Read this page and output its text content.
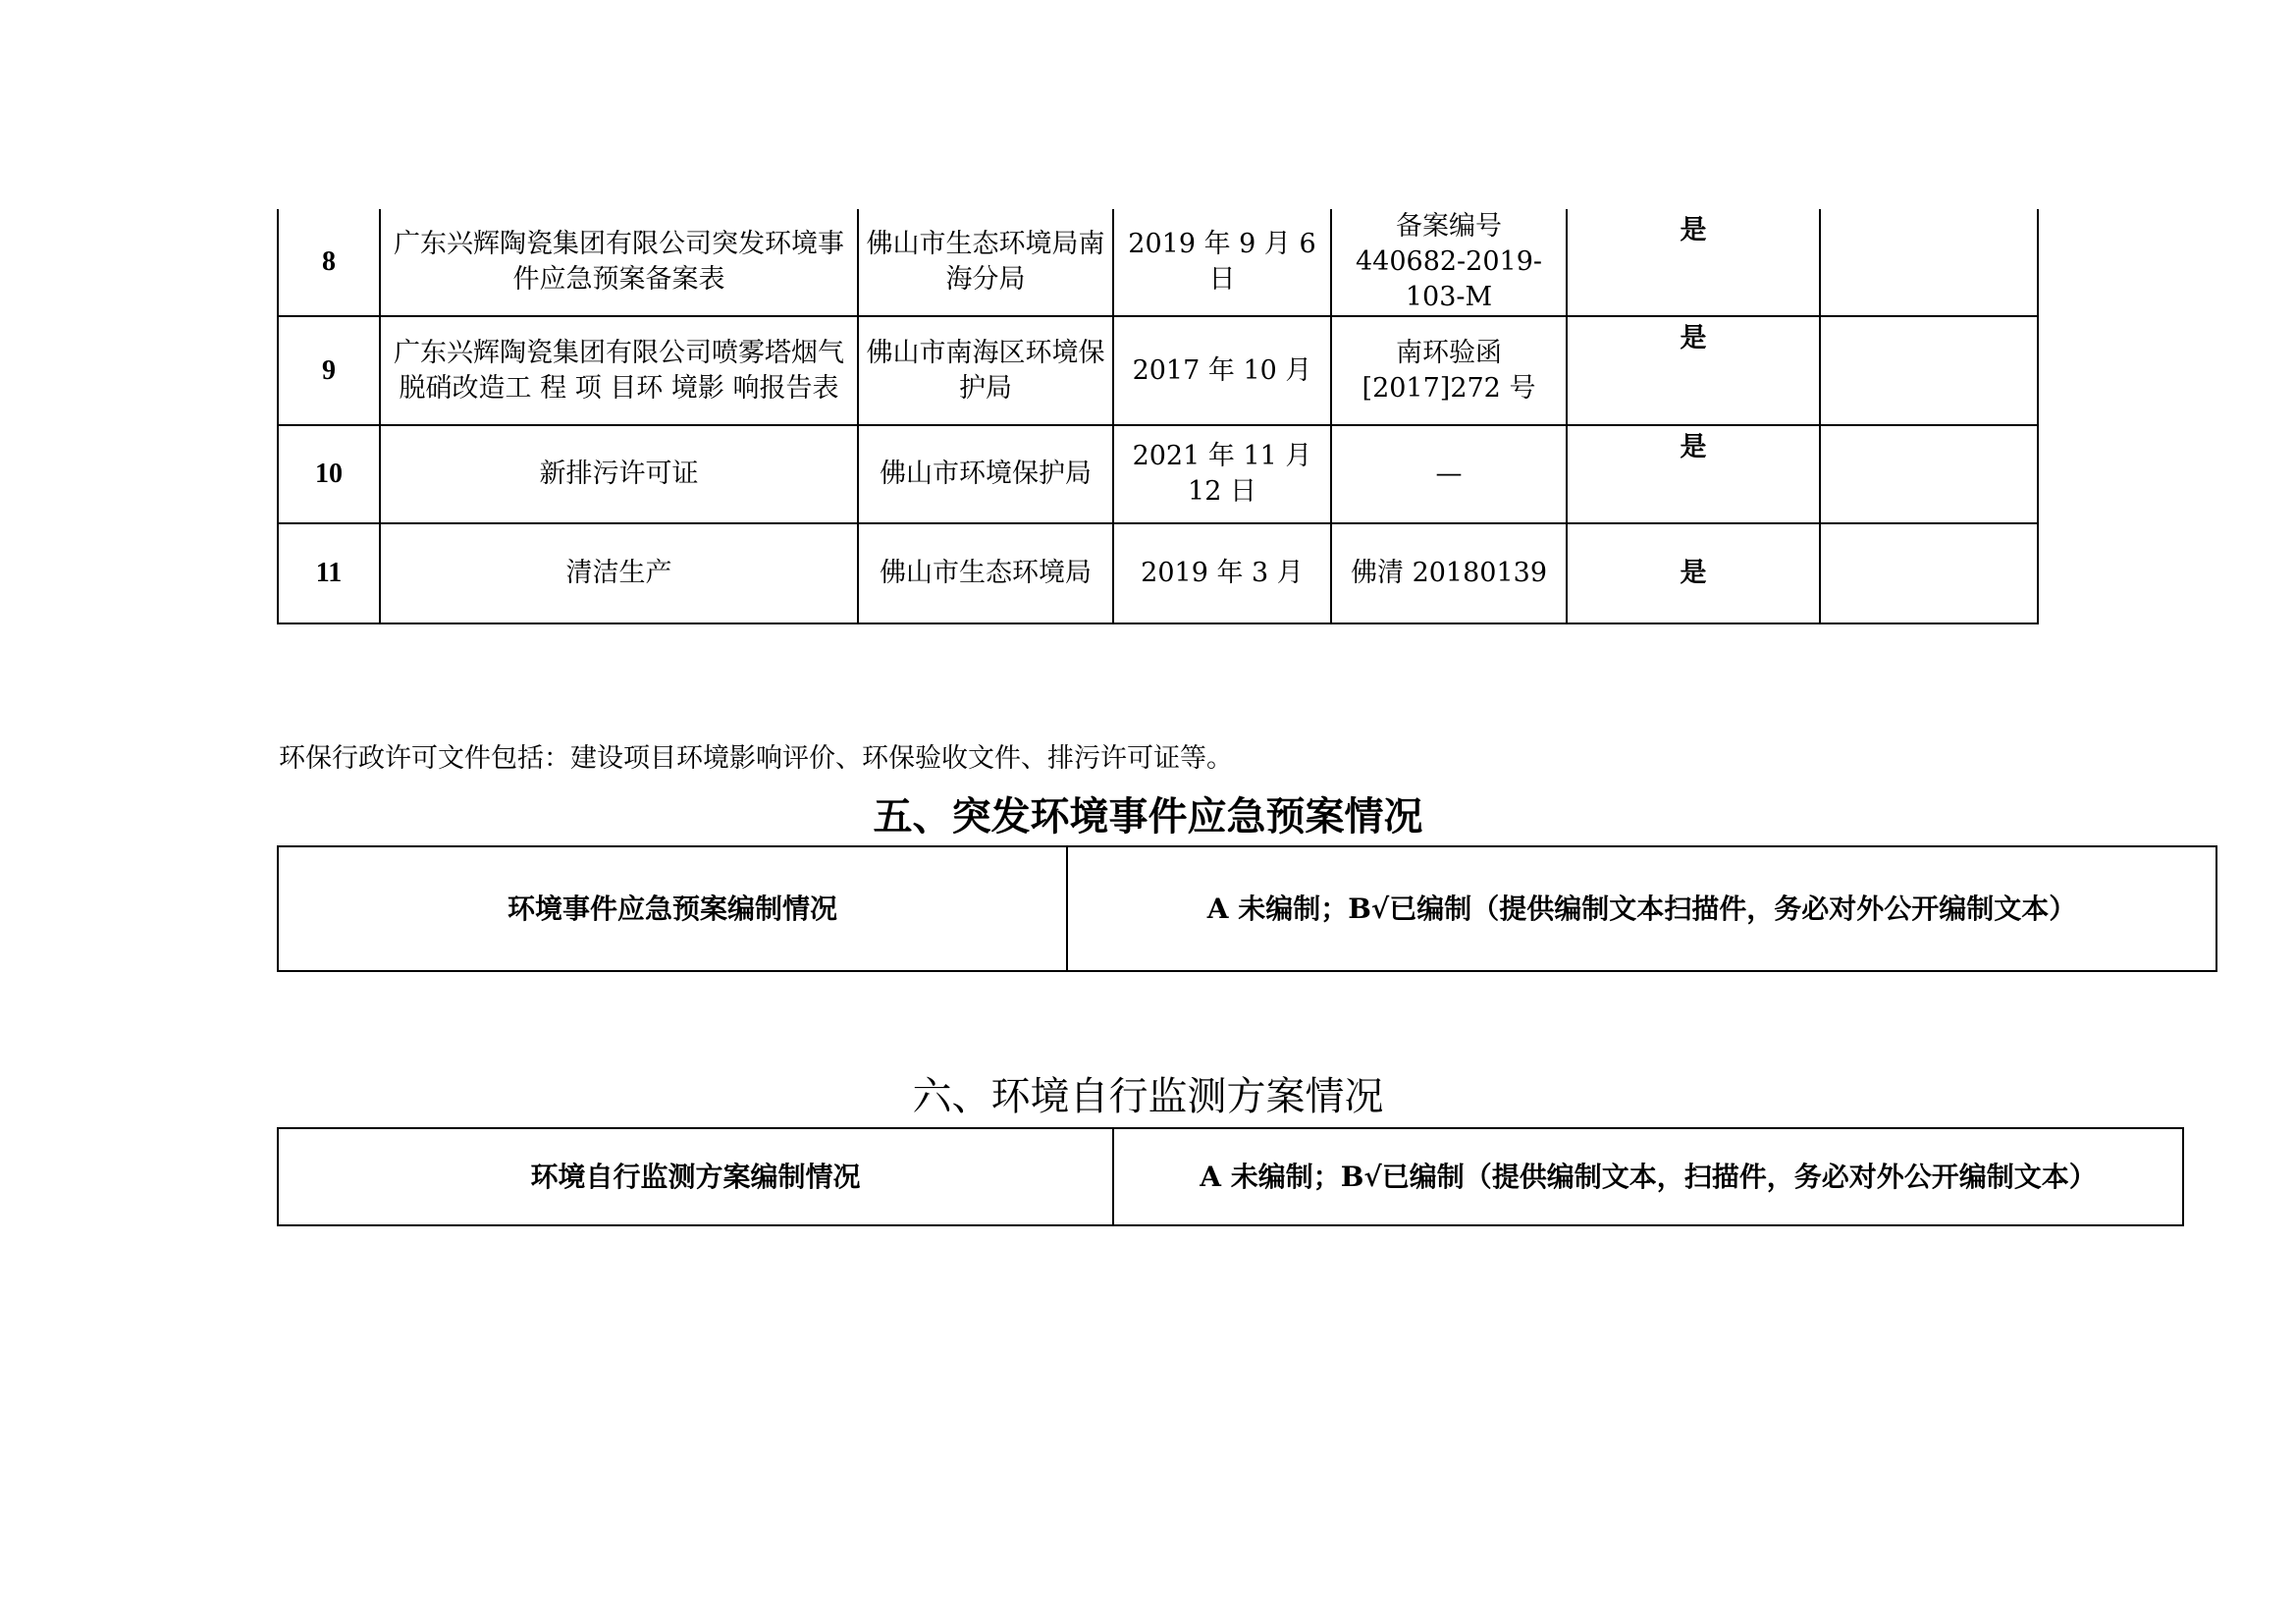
8	广东兴辉陶瓷集团有限公司突发环境事件应急预案备案表	佛山市生态环境局南海分局	2019 年 9 月 6 日	备案编号 440682-2019-103-M	是	
9	广东兴辉陶瓷集团有限公司喷雾塔烟气脱硝改造工 程 项 目环 境影 响报告表	佛山市南海区环境保护局	2017 年 10 月	南环验函 [2017]272 号	是	
10	新排污许可证	佛山市环境保护局	2021 年 11 月 12 日	—	是	
11	清洁生产	佛山市生态环境局	2019 年 3 月	佛清 20180139	是	
环保行政许可文件包括：建设项目环境影响评价、环保验收文件、排污许可证等。
五、突发环境事件应急预案情况
环境事件应急预案编制情况	A 未编制；B√已编制（提供编制文本扫描件，务必对外公开编制文本）
六、环境自行监测方案情况
环境自行监测方案编制情况	A 未编制；B√已编制（提供编制文本，扫描件，务必对外公开编制文本）
